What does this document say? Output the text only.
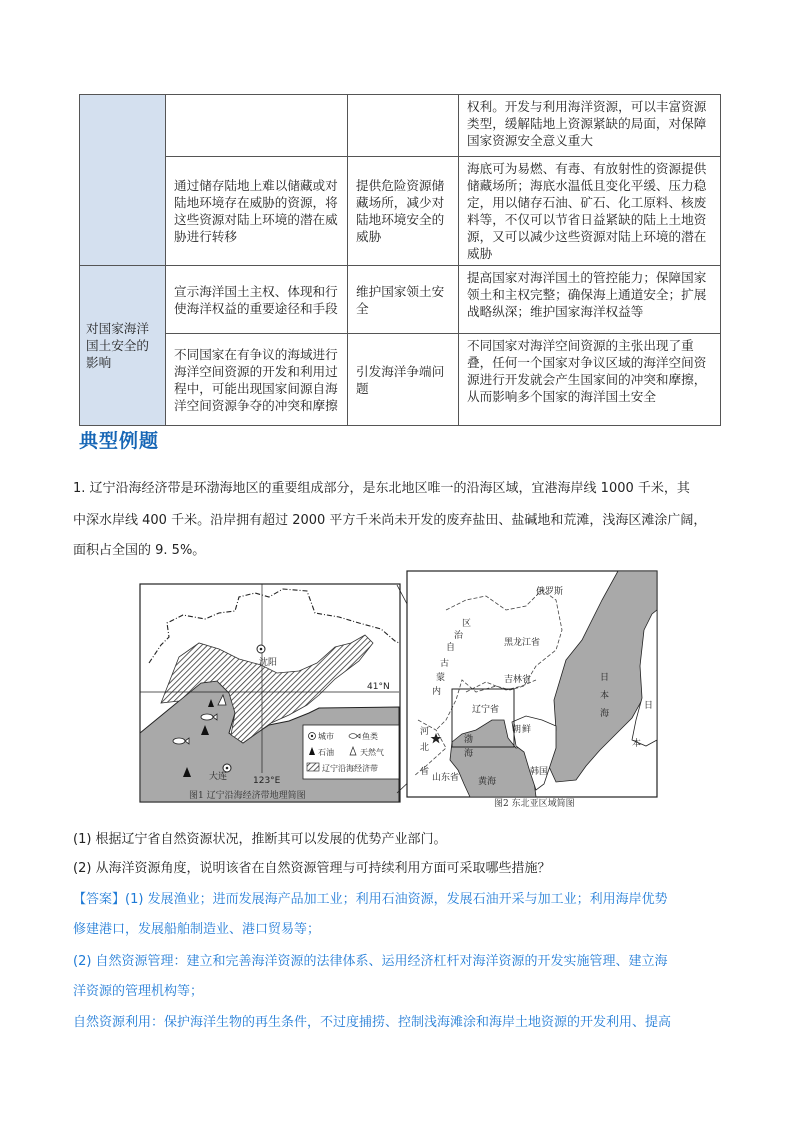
			权利。开发与利用海洋资源，可以丰富资源类型，缓解陆地上资源紧缺的局面，对保障国家资源安全意义重大
	通过储存陆地上难以储藏或对陆地环境存在威胁的资源，将这些资源对陆上环境的潜在威胁进行转移	提供危险资源储藏场所，减少对陆地环境安全的威胁	海底可为易燃、有毒、有放射性的资源提供储藏场所；海底水温低且变化平缓、压力稳定，用以储存石油、矿石、化工原料、核废料等，不仅可以节省日益紧缺的陆上土地资源，又可以减少这些资源对陆上环境的潜在威胁
对国家海洋国土安全的影响	宣示海洋国土主权、体现和行使海洋权益的重要途径和手段	维护国家领土安全	提高国家对海洋国土的管控能力；保障国家领土和主权完整；确保海上通道安全；扩展战略纵深；维护国家海洋权益等
	不同国家在有争议的海域进行海洋空间资源的开发和利用过程中，可能出现国家间源自海洋空间资源争夺的冲突和摩擦	引发海洋争端问题	不同国家对海洋空间资源的主张出现了重叠，任何一个国家对争议区域的海洋空间资源进行开发就会产生国家间的冲突和摩擦，从而影响多个国家的海洋国土安全
典型例题
1. 辽宁沿海经济带是环渤海地区的重要组成部分，是东北地区唯一的沿海区域，宜港海岸线 1000 千米，其
中深水岸线 400 千米。沿岸拥有超过 2000 平方千米尚未开发的废弃盐田、盐碱地和荒滩，浅海区滩涂广阔，
面积占全国的 9. 5%。
41°N
123°E
沈阳
大连
城市	鱼类
石油	天然气
辽宁沿海经济带
图1 辽宁沿海经济带地理简图
俄罗斯
黑龙江省
吉林省
辽宁省
内
蒙
古
自
治
区
河
北
省
渤
海
山东省 黄海
朝 鲜
韩国
日
本
海
日
本
图2 东北亚区域简图
(1) 根据辽宁省自然资源状况，推断其可以发展的优势产业部门。
(2) 从海洋资源角度，说明该省在自然资源管理与可持续利用方面可采取哪些措施？
【答案】(1) 发展渔业；进而发展海产品加工业；利用石油资源，发展石油开采与加工业；利用海岸优势
修建港口，发展船舶制造业、港口贸易等；
(2) 自然资源管理：建立和完善海洋资源的法律体系、运用经济杠杆对海洋资源的开发实施管理、建立海
洋资源的管理机构等；
自然资源利用：保护海洋生物的再生条件，不过度捕捞、控制浅海滩涂和海岸土地资源的开发利用、提高
